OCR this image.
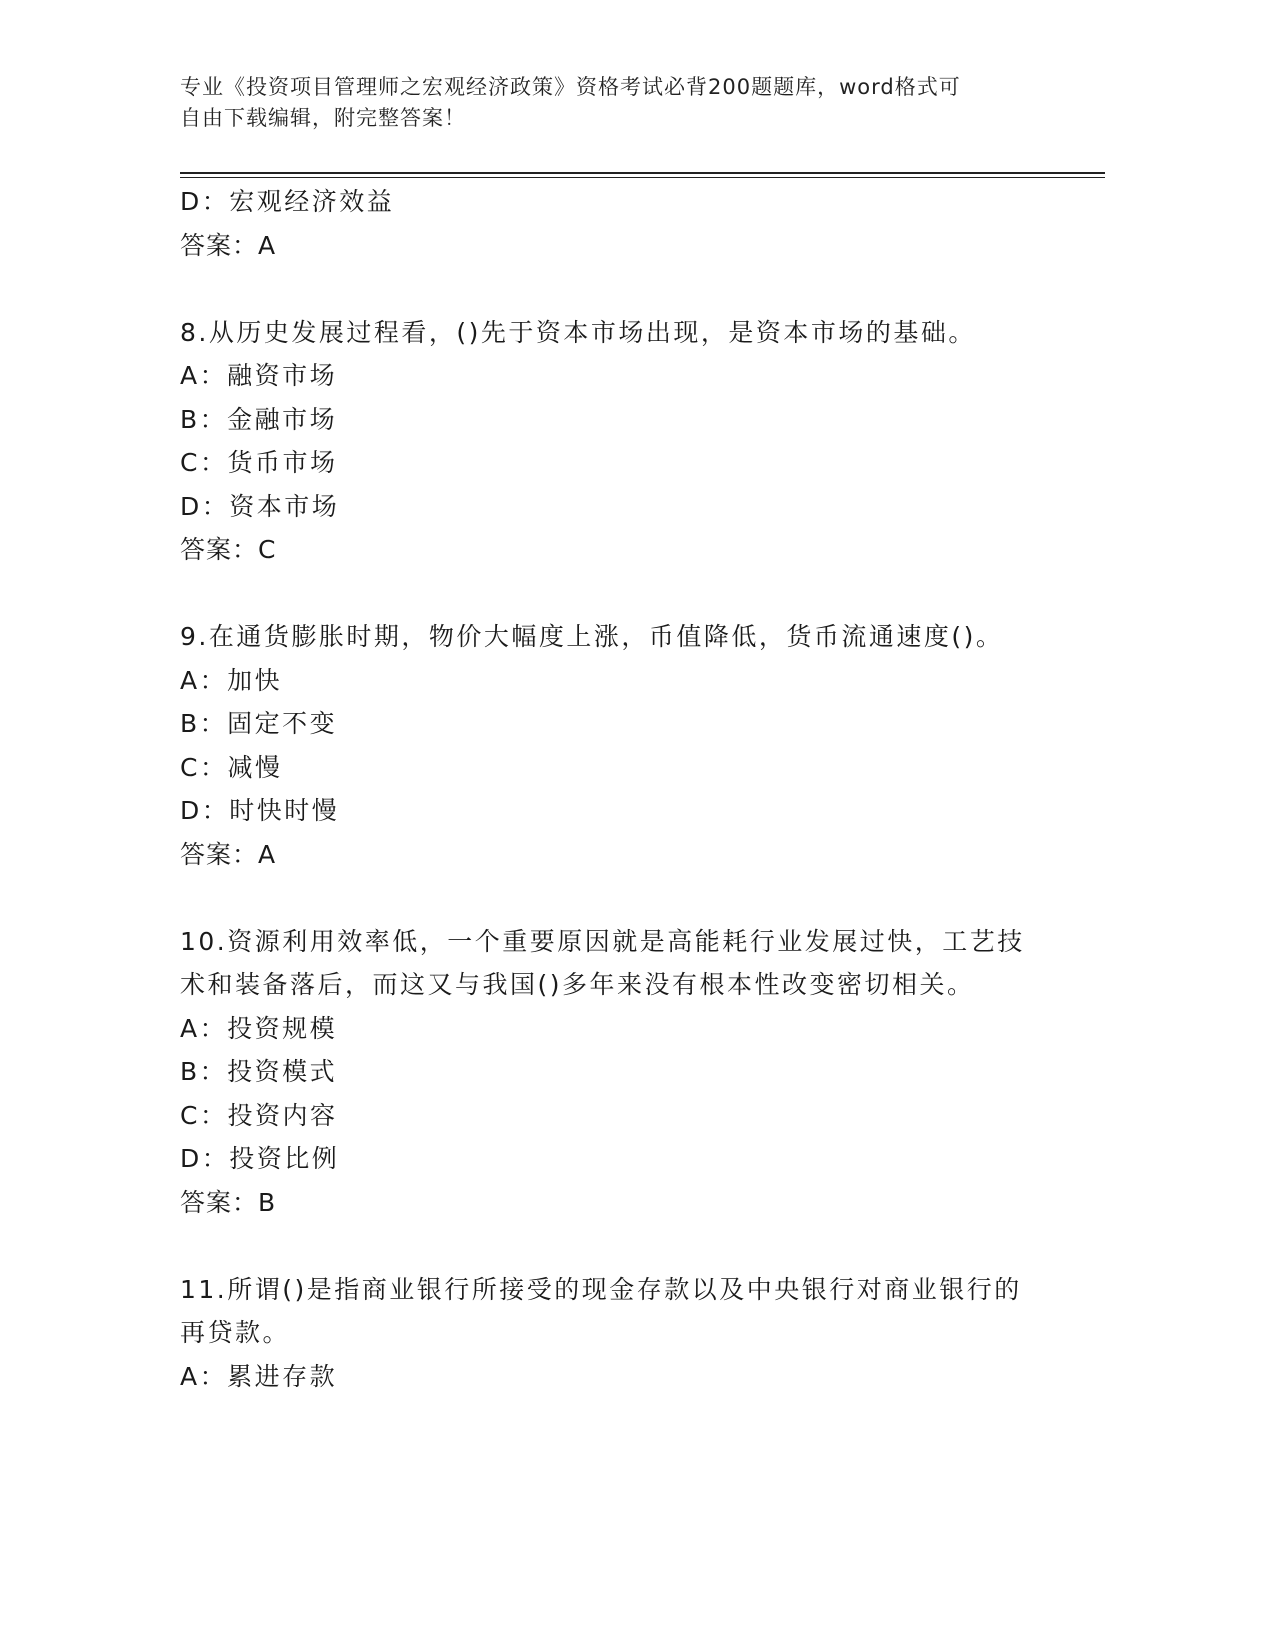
专业《投资项目管理师之宏观经济政策》资格考试必背200题题库，word格式可
自由下载编辑，附完整答案！
D：宏观经济效益
答案：A
8.从历史发展过程看，()先于资本市场出现，是资本市场的基础。
A：融资市场
B：金融市场
C：货币市场
D：资本市场
答案：C
9.在通货膨胀时期，物价大幅度上涨，币值降低，货币流通速度()。
A：加快
B：固定不变
C：减慢
D：时快时慢
答案：A
10.资源利用效率低，一个重要原因就是高能耗行业发展过快，工艺技
术和装备落后，而这又与我国()多年来没有根本性改变密切相关。
A：投资规模
B：投资模式
C：投资内容
D：投资比例
答案：B
11.所谓()是指商业银行所接受的现金存款以及中央银行对商业银行的
再贷款。
A：累进存款
